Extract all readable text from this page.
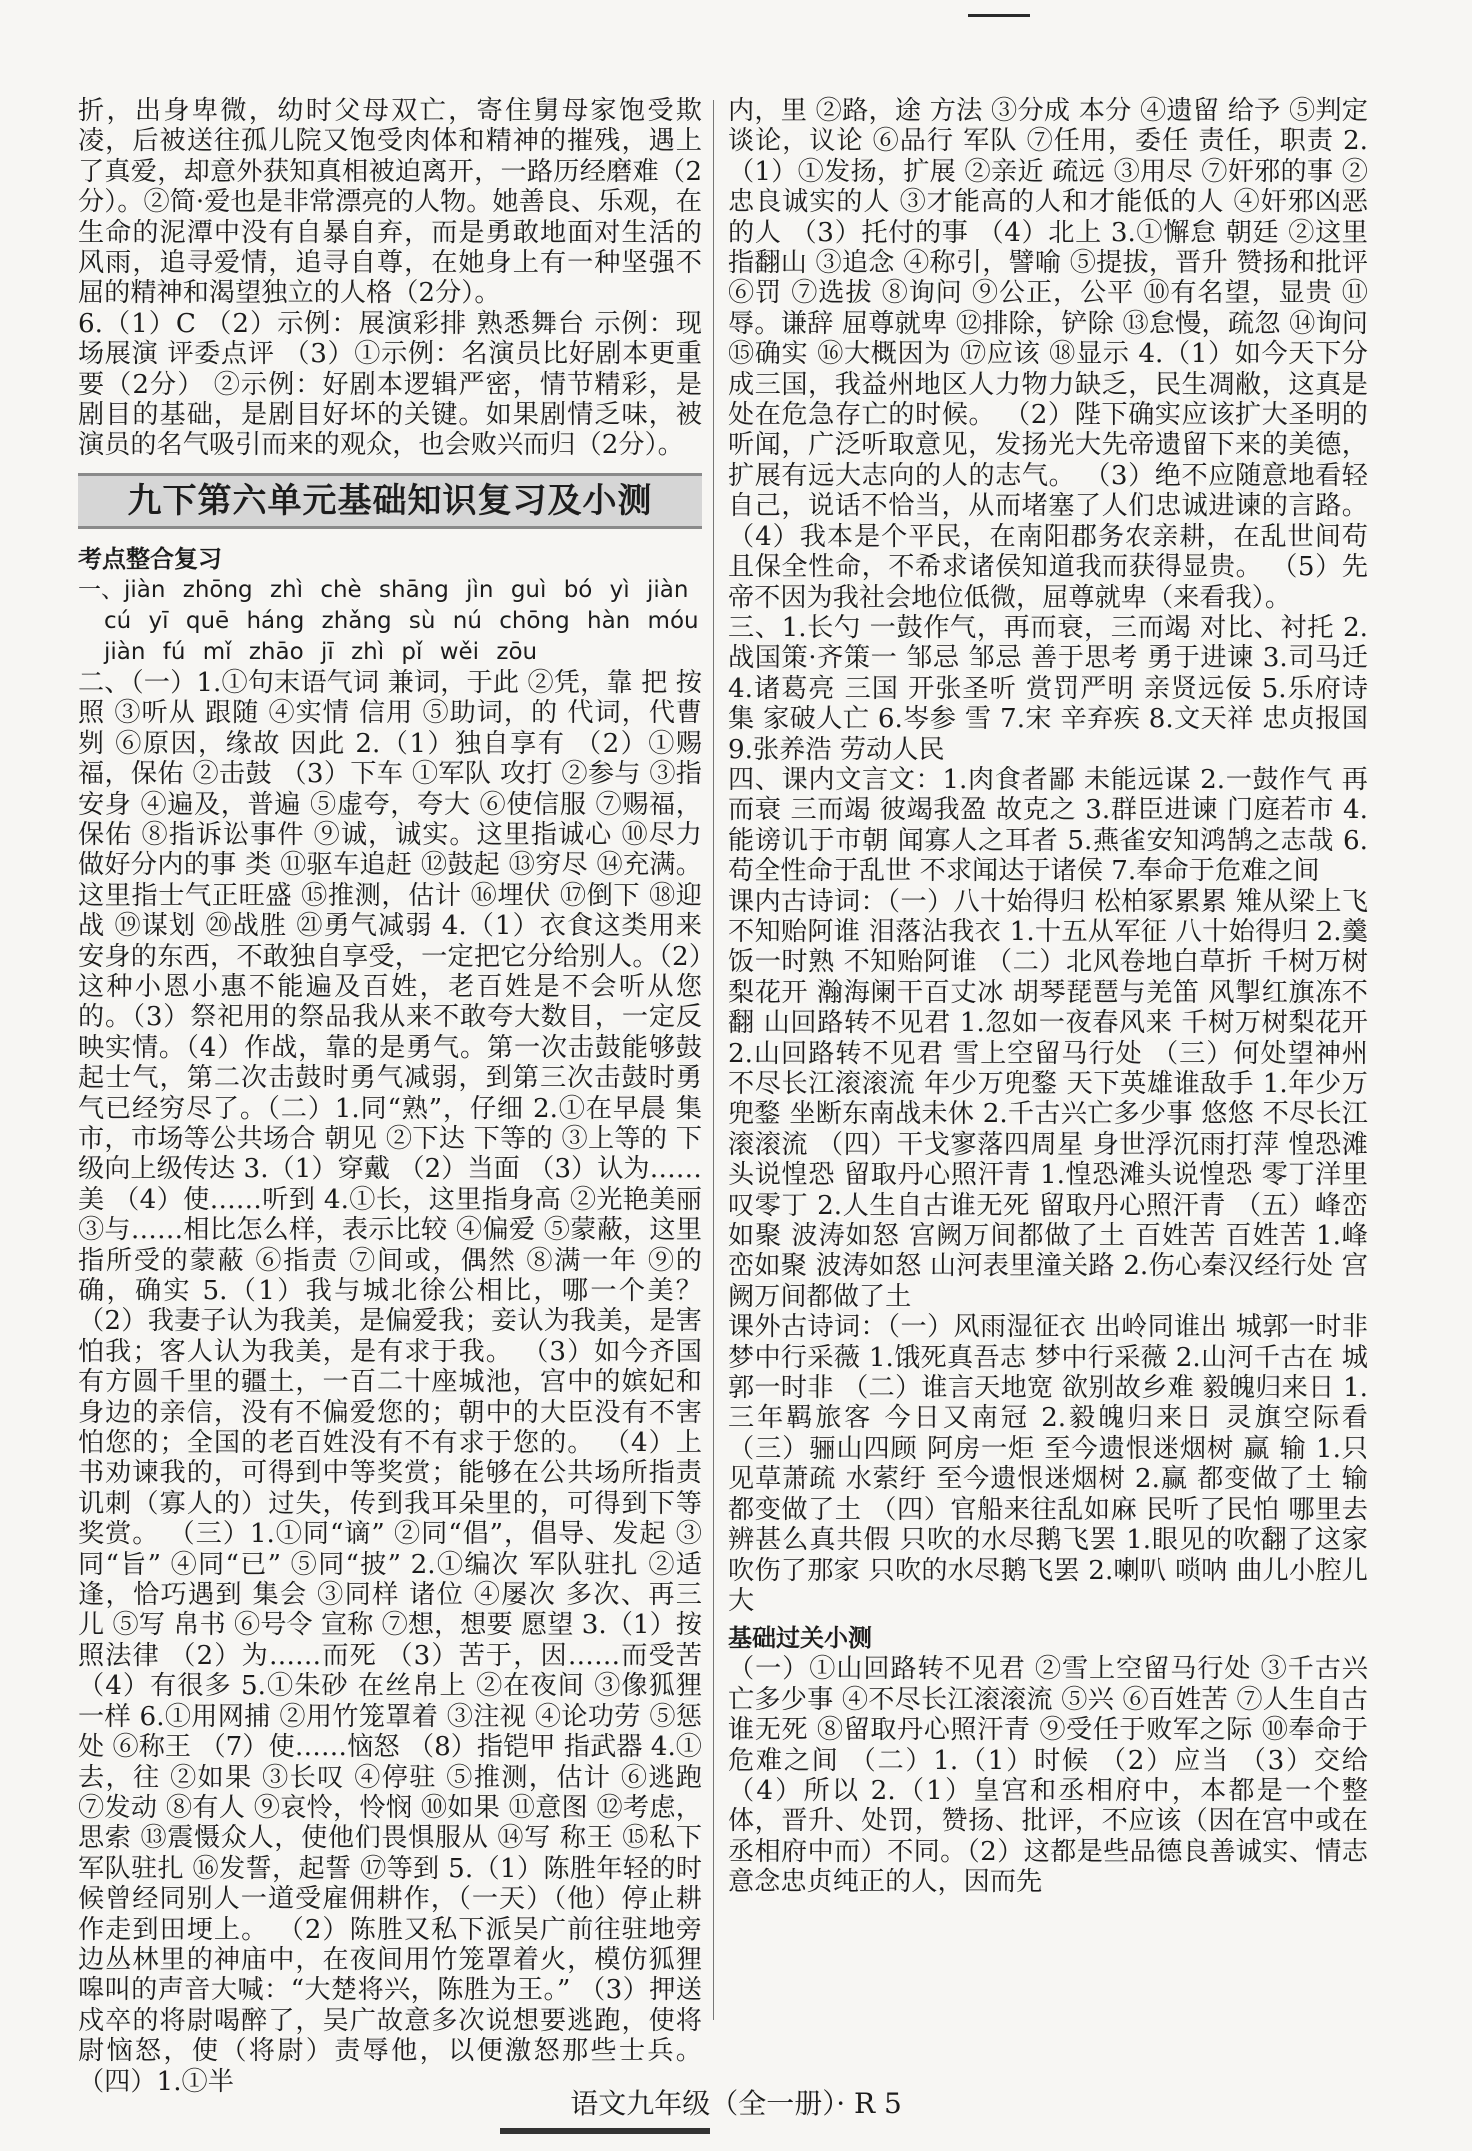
折，出身卑微，幼时父母双亡，寄住舅母家饱受欺凌，后被送往孤儿院又饱受肉体和精神的摧残，遇上了真爱，却意外获知真相被迫离开，一路历经磨难（2分）。②简·爱也是非常漂亮的人物。她善良、乐观，在生命的泥潭中没有自暴自弃，而是勇敢地面对生活的风雨，追寻爱情，追寻自尊，在她身上有一种坚强不屈的精神和渴望独立的人格（2分）。

6.（1）C （2）示例：展演彩排 熟悉舞台 示例：现场展演 评委点评 （3）①示例：名演员比好剧本更重要（2分） ②示例：好剧本逻辑严密，情节精彩，是剧目的基础，是剧目好坏的关键。如果剧情乏味，被演员的名气吸引而来的观众，也会败兴而归（2分）。

九下第六单元基础知识复习及小测

考点整合复习

一、jiàn zhōng zhì chè shāng jìn guì bó yì jiàn

cú yī quē háng zhǎng sù nú chōng hàn móu

jiàn fú mǐ zhāo jī zhì pǐ wěi zōu

二、（一）1.①句末语气词 兼词，于此 ②凭，靠 把 按照 ③听从 跟随 ④实情 信用 ⑤助词，的 代词，代曹刿 ⑥原因，缘故 因此 2.（1）独自享有 （2）①赐福，保佑 ②击鼓 （3）下车 ①军队 攻打 ②参与 ③指安身 ④遍及，普遍 ⑤虚夸，夸大 ⑥使信服 ⑦赐福，保佑 ⑧指诉讼事件 ⑨诚，诚实。这里指诚心 ⑩尽力做好分内的事 类 ⑪驱车追赶 ⑫鼓起 ⑬穷尽 ⑭充满。这里指士气正旺盛 ⑮推测，估计 ⑯埋伏 ⑰倒下 ⑱迎战 ⑲谋划 ⑳战胜 ㉑勇气减弱 4.（1）衣食这类用来安身的东西，不敢独自享受，一定把它分给别人。（2）这种小恩小惠不能遍及百姓，老百姓是不会听从您的。（3）祭祀用的祭品我从来不敢夸大数目，一定反映实情。（4）作战，靠的是勇气。第一次击鼓能够鼓起士气，第二次击鼓时勇气减弱，到第三次击鼓时勇气已经穷尽了。（二）1.同“熟”，仔细 2.①在早晨 集市，市场等公共场合 朝见 ②下达 下等的 ③上等的 下级向上级传达 3.（1）穿戴 （2）当面 （3）认为……美 （4）使……听到 4.①长，这里指身高 ②光艳美丽 ③与……相比怎么样，表示比较 ④偏爱 ⑤蒙蔽，这里指所受的蒙蔽 ⑥指责 ⑦间或，偶然 ⑧满一年 ⑨的确，确实 5.（1）我与城北徐公相比，哪一个美？ （2）我妻子认为我美，是偏爱我；妾认为我美，是害怕我；客人认为我美，是有求于我。 （3）如今齐国有方圆千里的疆土，一百二十座城池，宫中的嫔妃和身边的亲信，没有不偏爱您的；朝中的大臣没有不害怕您的；全国的老百姓没有不有求于您的。 （4）上书劝谏我的，可得到中等奖赏；能够在公共场所指责讥刺（寡人的）过失，传到我耳朵里的，可得到下等奖赏。 （三）1.①同“谪” ②同“倡”，倡导、发起 ③同“旨” ④同“已” ⑤同“披” 2.①编次 军队驻扎 ②适逢，恰巧遇到 集会 ③同样 诸位 ④屡次 多次、再三 儿 ⑤写 帛书 ⑥号令 宣称 ⑦想，想要 愿望 3.（1）按照法律 （2）为……而死 （3）苦于，因……而受苦 （4）有很多 5.①朱砂 在丝帛上 ②在夜间 ③像狐狸一样 6.①用网捕 ②用竹笼罩着 ③注视 ④论功劳 ⑤惩处 ⑥称王 （7）使……恼怒 （8）指铠甲 指武器 4.①去，往 ②如果 ③长叹 ④停驻 ⑤推测，估计 ⑥逃跑 ⑦发动 ⑧有人 ⑨哀怜，怜悯 ⑩如果 ⑪意图 ⑫考虑，思索 ⑬震慑众人，使他们畏惧服从 ⑭写 称王 ⑮私下 军队驻扎 ⑯发誓，起誓 ⑰等到 5.（1）陈胜年轻的时候曾经同别人一道受雇佣耕作，（一天）（他）停止耕作走到田埂上。 （2）陈胜又私下派吴广前往驻地旁边丛林里的神庙中，在夜间用竹笼罩着火，模仿狐狸嗥叫的声音大喊：“大楚将兴，陈胜为王。” （3）押送戍卒的将尉喝醉了，吴广故意多次说想要逃跑，使将尉恼怒，使（将尉）责辱他，以便激怒那些士兵。 （四）1.①半

内，里 ②路，途 方法 ③分成 本分 ④遗留 给予 ⑤判定 谈论，议论 ⑥品行 军队 ⑦任用，委任 责任，职责 2.（1）①发扬，扩展 ②亲近 疏远 ③用尽 ⑦奸邪的事 ②忠良诚实的人 ③才能高的人和才能低的人 ④奸邪凶恶的人 （3）托付的事 （4）北上 3.①懈怠 朝廷 ②这里指翻山 ③追念 ④称引，譬喻 ⑤提拔，晋升 赞扬和批评 ⑥罚 ⑦选拔 ⑧询问 ⑨公正，公平 ⑩有名望，显贵 ⑪辱。谦辞 屈尊就卑 ⑫排除，铲除 ⑬怠慢，疏忽 ⑭询问 ⑮确实 ⑯大概因为 ⑰应该 ⑱显示 4.（1）如今天下分成三国，我益州地区人力物力缺乏，民生凋敝，这真是处在危急存亡的时候。 （2）陛下确实应该扩大圣明的听闻，广泛听取意见，发扬光大先帝遗留下来的美德，扩展有远大志向的人的志气。 （3）绝不应随意地看轻自己，说话不恰当，从而堵塞了人们忠诚进谏的言路。（4）我本是个平民，在南阳郡务农亲耕，在乱世间苟且保全性命，不希求诸侯知道我而获得显贵。 （5）先帝不因为我社会地位低微，屈尊就卑（来看我）。

三、1.长勺 一鼓作气，再而衰，三而竭 对比、衬托 2.战国策·齐策一 邹忌 邹忌 善于思考 勇于进谏 3.司马迁 4.诸葛亮 三国 开张圣听 赏罚严明 亲贤远佞 5.乐府诗集 家破人亡 6.岑参 雪 7.宋 辛弃疾 8.文天祥 忠贞报国 9.张养浩 劳动人民

四、课内文言文：1.肉食者鄙 未能远谋 2.一鼓作气 再而衰 三而竭 彼竭我盈 故克之 3.群臣进谏 门庭若市 4.能谤讥于市朝 闻寡人之耳者 5.燕雀安知鸿鹄之志哉 6.苟全性命于乱世 不求闻达于诸侯 7.奉命于危难之间

课内古诗词：（一）八十始得归 松柏冢累累 雉从梁上飞 不知贻阿谁 泪落沾我衣 1.十五从军征 八十始得归 2.羹饭一时熟 不知贻阿谁 （二）北风卷地白草折 千树万树梨花开 瀚海阑干百丈冰 胡琴琵琶与羌笛 风掣红旗冻不翻 山回路转不见君 1.忽如一夜春风来 千树万树梨花开 2.山回路转不见君 雪上空留马行处 （三）何处望神州 不尽长江滚滚流 年少万兜鍪 天下英雄谁敌手 1.年少万兜鍪 坐断东南战未休 2.千古兴亡多少事 悠悠 不尽长江滚滚流 （四）干戈寥落四周星 身世浮沉雨打萍 惶恐滩头说惶恐 留取丹心照汗青 1.惶恐滩头说惶恐 零丁洋里叹零丁 2.人生自古谁无死 留取丹心照汗青 （五）峰峦如聚 波涛如怒 宫阙万间都做了土 百姓苦 百姓苦 1.峰峦如聚 波涛如怒 山河表里潼关路 2.伤心秦汉经行处 宫阙万间都做了土

课外古诗词：（一）风雨湿征衣 出岭同谁出 城郭一时非 梦中行采薇 1.饿死真吾志 梦中行采薇 2.山河千古在 城郭一时非 （二）谁言天地宽 欲别故乡难 毅魄归来日 1.三年羁旅客 今日又南冠 2.毅魄归来日 灵旗空际看 （三）骊山四顾 阿房一炬 至今遗恨迷烟树 赢 输 1.只见草萧疏 水萦纡 至今遗恨迷烟树 2.赢 都变做了土 输 都变做了土 （四）官船来往乱如麻 民听了民怕 哪里去辨甚么真共假 只吹的水尽鹅飞罢 1.眼见的吹翻了这家 吹伤了那家 只吹的水尽鹅飞罢 2.喇叭 唢呐 曲儿小腔儿大

基础过关小测

（一）①山回路转不见君 ②雪上空留马行处 ③千古兴亡多少事 ④不尽长江滚滚流 ⑤兴 ⑥百姓苦 ⑦人生自古谁无死 ⑧留取丹心照汗青 ⑨受任于败军之际 ⑩奉命于危难之间 （二）1.（1）时候 （2）应当 （3）交给 （4）所以 2.（1）皇宫和丞相府中，本都是一个整体，晋升、处罚，赞扬、批评，不应该（因在宫中或在丞相府中而）不同。（2）这都是些品德良善诚实、情志意念忠贞纯正的人，因而先

语文九年级（全一册）· R 5
